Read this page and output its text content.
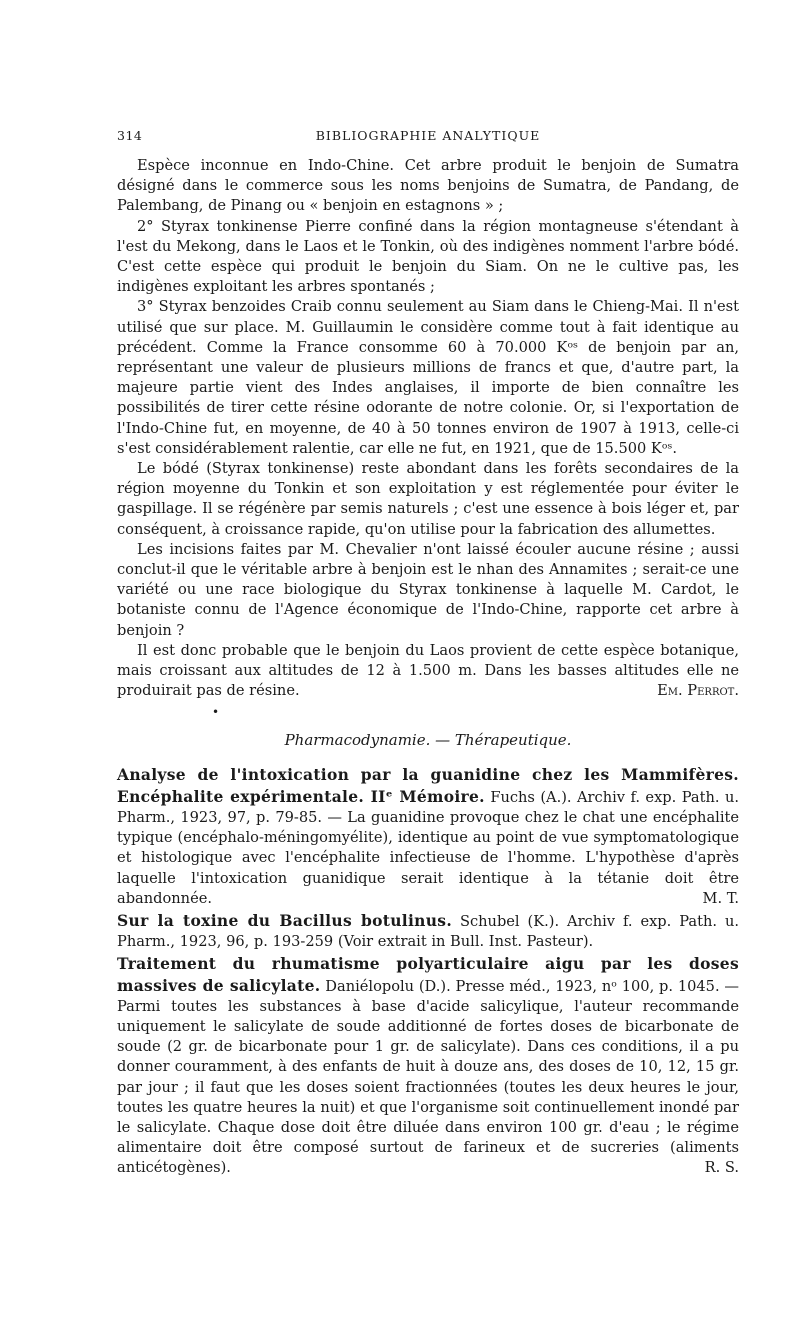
314	BIBLIOGRAPHIE ANALYTIQUE

Espèce inconnue en Indo-Chine. Cet arbre produit le benjoin de Sumatra désigné dans le commerce sous les noms benjoins de Sumatra, de Pandang, de Palembang, de Pinang ou « benjoin en estagnons » ;

2° Styrax tonkinense Pierre confiné dans la région montagneuse s'étendant à l'est du Mekong, dans le Laos et le Tonkin, où des indigènes nomment l'arbre bódé. C'est cette espèce qui produit le benjoin du Siam. On ne le cultive pas, les indigènes exploitant les arbres spontanés ;

3° Styrax benzoides Craib connu seulement au Siam dans le Chieng-Mai. Il n'est utilisé que sur place. M. Guillaumin le considère comme tout à fait identique au précédent. Comme la France consomme 60 à 70.000 Kᵒˢ de benjoin par an, représentant une valeur de plusieurs millions de francs et que, d'autre part, la majeure partie vient des Indes anglaises, il importe de bien connaître les possibilités de tirer cette résine odorante de notre colonie. Or, si l'exportation de l'Indo-Chine fut, en moyenne, de 40 à 50 tonnes environ de 1907 à 1913, celle-ci s'est considérablement ralentie, car elle ne fut, en 1921, que de 15.500 Kᵒˢ.

Le bódé (Styrax tonkinense) reste abondant dans les forêts secondaires de la région moyenne du Tonkin et son exploitation y est réglementée pour éviter le gaspillage. Il se régénère par semis naturels ; c'est une essence à bois léger et, par conséquent, à croissance rapide, qu'on utilise pour la fabrication des allumettes.

Les incisions faites par M. Chevalier n'ont laissé écouler aucune résine ; aussi conclut-il que le véritable arbre à benjoin est le nhan des Annamites ; serait-ce une variété ou une race biologique du Styrax tonkinense à laquelle M. Cardot, le botaniste connu de l'Agence économique de l'Indo-Chine, rapporte cet arbre à benjoin ?

Il est donc probable que le benjoin du Laos provient de cette espèce botanique, mais croissant aux altitudes de 12 à 1.500 m. Dans les basses altitudes elle ne produirait pas de résine.	Em. Perrot.

•
Pharmacodynamie. — Thérapeutique.

Analyse de l'intoxication par la guanidine chez les Mammifères. Encéphalite expérimentale. IIᵉ Mémoire. Fuchs (A.). Archiv f. exp. Path. u. Pharm., 1923, 97, p. 79-85. — La guanidine provoque chez le chat une encéphalite typique (encéphalo-méningomyélite), identique au point de vue symptomatologique et histologique avec l'encéphalite infectieuse de l'homme. L'hypothèse d'après laquelle l'intoxication guanidique serait identique à la tétanie doit être abandonnée.	M. T.

Sur la toxine du Bacillus botulinus. Schubel (K.). Archiv f. exp. Path. u. Pharm., 1923, 96, p. 193-259 (Voir extrait in Bull. Inst. Pasteur).

Traitement du rhumatisme polyarticulaire aigu par les doses massives de salicylate. Daniélopolu (D.). Presse méd., 1923, nᵒ 100, p. 1045. — Parmi toutes les substances à base d'acide salicylique, l'auteur recommande uniquement le salicylate de soude additionné de fortes doses de bicarbonate de soude (2 gr. de bicarbonate pour 1 gr. de salicylate). Dans ces conditions, il a pu donner couramment, à des enfants de huit à douze ans, des doses de 10, 12, 15 gr. par jour ; il faut que les doses soient fractionnées (toutes les deux heures le jour, toutes les quatre heures la nuit) et que l'organisme soit continuellement inondé par le salicylate. Chaque dose doit être diluée dans environ 100 gr. d'eau ; le régime alimentaire doit être composé surtout de farineux et de sucreries (aliments anticétogènes).	R. S.
